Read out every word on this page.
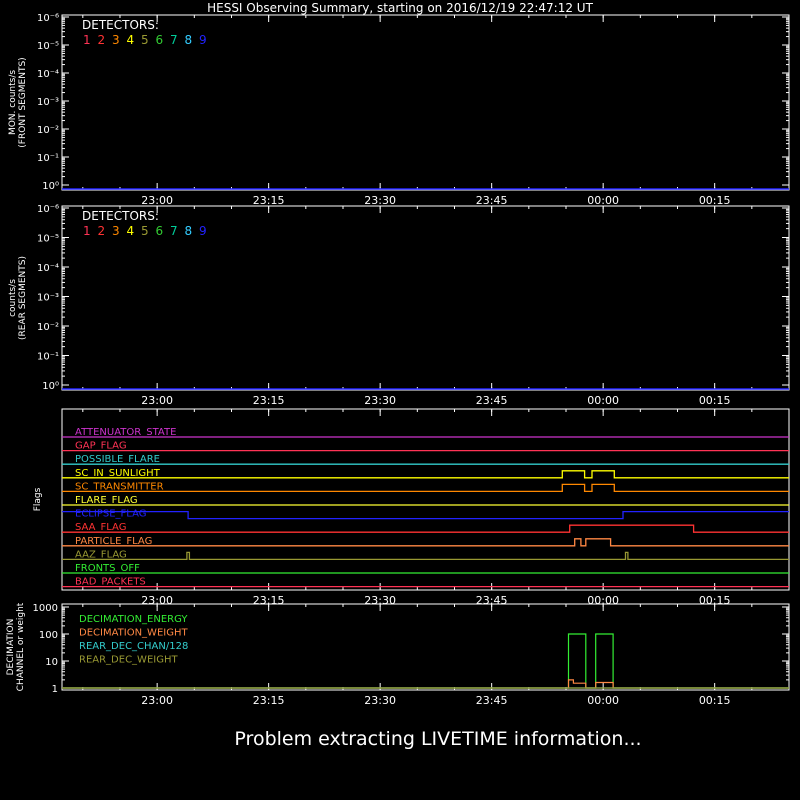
HESSI Observing Summary, starting on 2016/12/19 22:47:12 UT
23:00	23:15	23:30	23:45	00:00	00:15
23:00	23:15	23:30	23:45	00:00	00:15
23:00	23:15	23:30	23:45	00:00	00:15
23:00	23:15	23:30	23:45	00:00	00:15
10⁰
10⁻¹
10⁻²
10⁻³
10⁻⁴
10⁻⁵
10⁻⁶ DETECTORS:
1 2 3 4 5 6 7 8 9
MON. counts/s (FRONT SEGMENTS)
10⁰
10⁻¹
10⁻²
10⁻³
10⁻⁴
10⁻⁵
10⁻⁶ DETECTORS:
1 2 3 4 5 6 7 8 9
counts/s (REAR SEGMENTS)
ATTENUATOR_STATE
GAP_FLAG
POSSIBLE_FLARE
SC_IN_SUNLIGHT
SC_TRANSMITTER
FLARE_FLAG
ECLIPSE_FLAG
SAA_FLAG
PARTICLE_FLAG
AAZ_FLAG
FRONTS_OFF
BAD_PACKETS
Flags
1
10
100
1000
DECIMATION_ENERGY
DECIMATION_WEIGHT
REAR_DEC_CHAN/128
REAR_DEC_WEIGHT
DECIMATION CHANNEL or weight
Problem extracting LIVETIME information...
